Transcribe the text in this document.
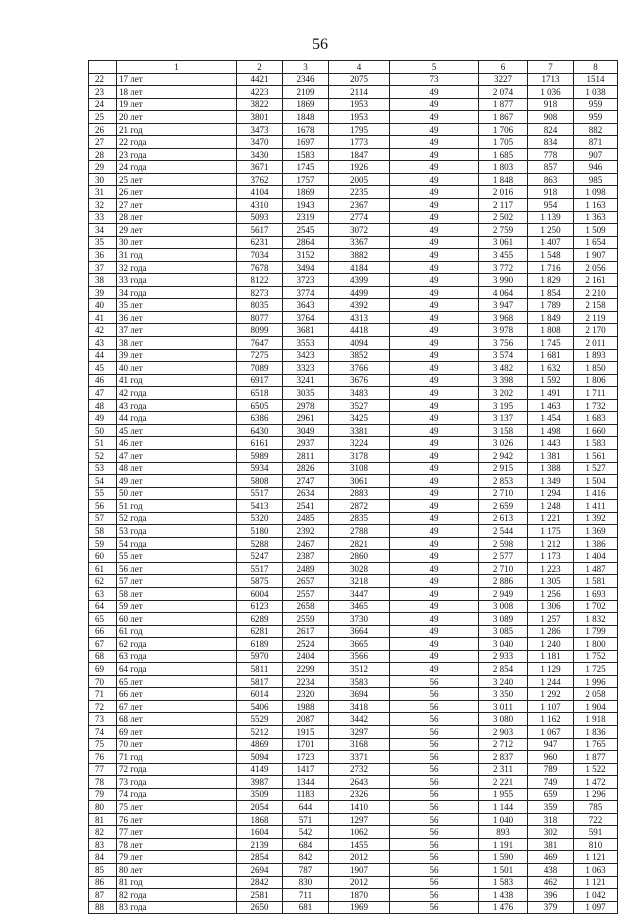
56
	1	2	3	4	5	6	7	8
22	17 лет	4421	2346	2075	73	3227	1713	1514
23	18 лет	4223	2109	2114	49	2 074	1 036	1 038
24	19 лет	3822	1869	1953	49	1 877	918	959
25	20 лет	3801	1848	1953	49	1 867	908	959
26	21 год	3473	1678	1795	49	1 706	824	882
27	22 года	3470	1697	1773	49	1 705	834	871
28	23 года	3430	1583	1847	49	1 685	778	907
29	24 года	3671	1745	1926	49	1 803	857	946
30	25 лет	3762	1757	2005	49	1 848	863	985
31	26 лет	4104	1869	2235	49	2 016	918	1 098
32	27 лет	4310	1943	2367	49	2 117	954	1 163
33	28 лет	5093	2319	2774	49	2 502	1 139	1 363
34	29 лет	5617	2545	3072	49	2 759	1 250	1 509
35	30 лет	6231	2864	3367	49	3 061	1 407	1 654
36	31 год	7034	3152	3882	49	3 455	1 548	1 907
37	32 года	7678	3494	4184	49	3 772	1 716	2 056
38	33 года	8122	3723	4399	49	3 990	1 829	2 161
39	34 года	8273	3774	4499	49	4 064	1 854	2 210
40	35 лет	8035	3643	4392	49	3 947	1 789	2 158
41	36 лет	8077	3764	4313	49	3 968	1 849	2 119
42	37 лет	8099	3681	4418	49	3 978	1 808	2 170
43	38 лет	7647	3553	4094	49	3 756	1 745	2 011
44	39 лет	7275	3423	3852	49	3 574	1 681	1 893
45	40 лет	7089	3323	3766	49	3 482	1 632	1 850
46	41 год	6917	3241	3676	49	3 398	1 592	1 806
47	42 года	6518	3035	3483	49	3 202	1 491	1 711
48	43 года	6505	2978	3527	49	3 195	1 463	1 732
49	44 года	6386	2961	3425	49	3 137	1 454	1 683
50	45 лет	6430	3049	3381	49	3 158	1 498	1 660
51	46 лет	6161	2937	3224	49	3 026	1 443	1 583
52	47 лет	5989	2811	3178	49	2 942	1 381	1 561
53	48 лет	5934	2826	3108	49	2 915	1 388	1 527
54	49 лет	5808	2747	3061	49	2 853	1 349	1 504
55	50 лет	5517	2634	2883	49	2 710	1 294	1 416
56	51 год	5413	2541	2872	49	2 659	1 248	1 411
57	52 года	5320	2485	2835	49	2 613	1 221	1 392
58	53 года	5180	2392	2788	49	2 544	1 175	1 369
59	54 года	5288	2467	2821	49	2 598	1 212	1 386
60	55 лет	5247	2387	2860	49	2 577	1 173	1 404
61	56 лет	5517	2489	3028	49	2 710	1 223	1 487
62	57 лет	5875	2657	3218	49	2 886	1 305	1 581
63	58 лет	6004	2557	3447	49	2 949	1 256	1 693
64	59 лет	6123	2658	3465	49	3 008	1 306	1 702
65	60 лет	6289	2559	3730	49	3 089	1 257	1 832
66	61 год	6281	2617	3664	49	3 085	1 286	1 799
67	62 года	6189	2524	3665	49	3 040	1 240	1 800
68	63 года	5970	2404	3566	49	2 933	1 181	1 752
69	64 года	5811	2299	3512	49	2 854	1 129	1 725
70	65 лет	5817	2234	3583	56	3 240	1 244	1 996
71	66 лет	6014	2320	3694	56	3 350	1 292	2 058
72	67 лет	5406	1988	3418	56	3 011	1 107	1 904
73	68 лет	5529	2087	3442	56	3 080	1 162	1 918
74	69 лет	5212	1915	3297	56	2 903	1 067	1 836
75	70 лет	4869	1701	3168	56	2 712	947	1 765
76	71 год	5094	1723	3371	56	2 837	960	1 877
77	72 года	4149	1417	2732	56	2 311	789	1 522
78	73 года	3987	1344	2643	56	2 221	749	1 472
79	74 года	3509	1183	2326	56	1 955	659	1 296
80	75 лет	2054	644	1410	56	1 144	359	785
81	76 лет	1868	571	1297	56	1 040	318	722
82	77 лет	1604	542	1062	56	893	302	591
83	78 лет	2139	684	1455	56	1 191	381	810
84	79 лет	2854	842	2012	56	1 590	469	1 121
85	80 лет	2694	787	1907	56	1 501	438	1 063
86	81 год	2842	830	2012	56	1 583	462	1 121
87	82 года	2581	711	1870	56	1 438	396	1 042
88	83 года	2650	681	1969	56	1 476	379	1 097
